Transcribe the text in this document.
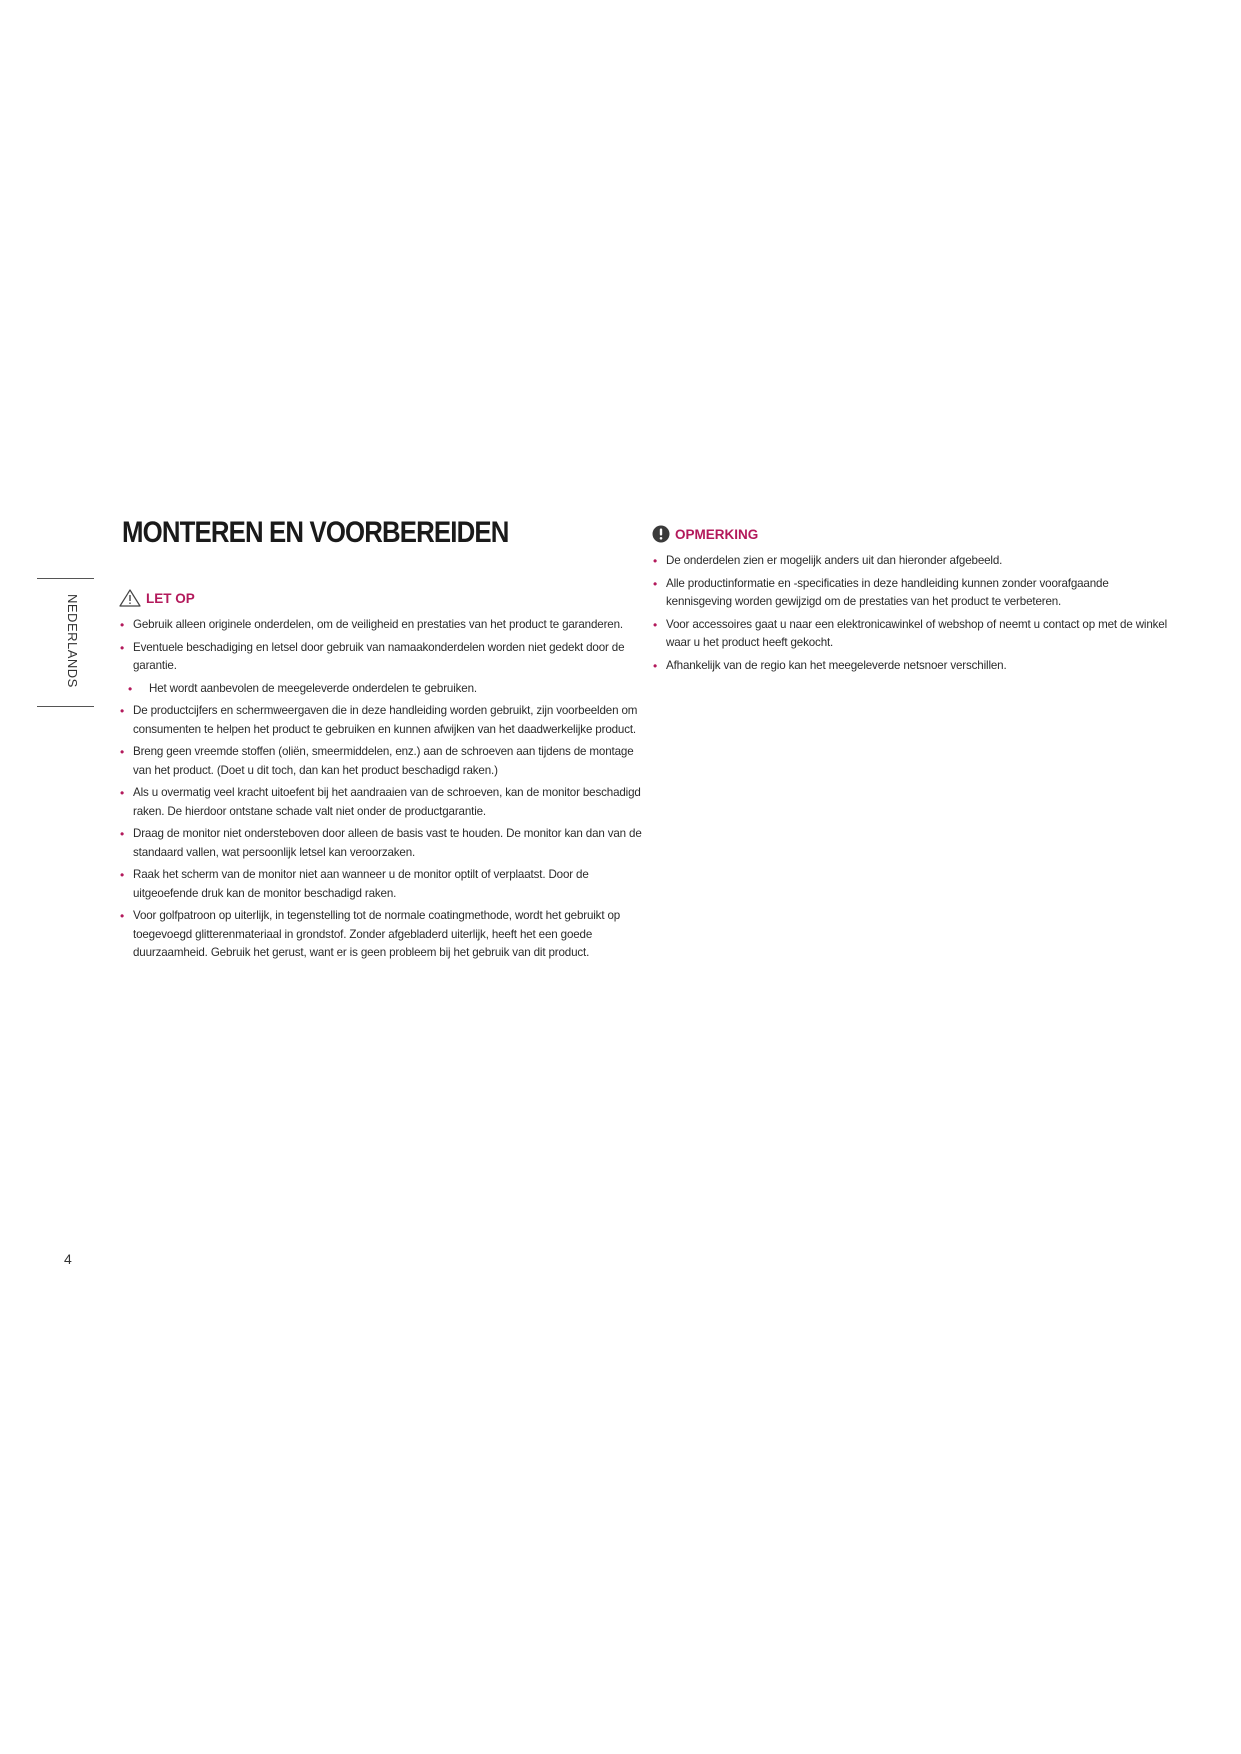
NEDERLANDS
MONTEREN EN VOORBEREIDEN
LET OP
• Gebruik alleen originele onderdelen, om de veiligheid en prestaties van het product te garanderen.
• Eventuele beschadiging en letsel door gebruik van namaakonderdelen worden niet gedekt door de garantie.
• Het wordt aanbevolen de meegeleverde onderdelen te gebruiken.
• De productcijfers en schermweergaven die in deze handleiding worden gebruikt, zijn voorbeelden om consumenten te helpen het product te gebruiken en kunnen afwijken van het daadwerkelijke product.
• Breng geen vreemde stoffen (oliën, smeermiddelen, enz.) aan de schroeven aan tijdens de montage van het product. (Doet u dit toch, dan kan het product beschadigd raken.)
• Als u overmatig veel kracht uitoefent bij het aandraaien van de schroeven, kan de monitor beschadigd raken. De hierdoor ontstane schade valt niet onder de productgarantie.
• Draag de monitor niet ondersteboven door alleen de basis vast te houden. De monitor kan dan van de standaard vallen, wat persoonlijk letsel kan veroorzaken.
• Raak het scherm van de monitor niet aan wanneer u de monitor optilt of verplaatst. Door de uitgeoefende druk kan de monitor beschadigd raken.
• Voor golfpatroon op uiterlijk, in tegenstelling tot de normale coatingmethode, wordt het gebruikt op toegevoegd glitterenmateriaal in grondstof. Zonder afgebladerd uiterlijk, heeft het een goede duurzaamheid. Gebruik het gerust, want er is geen probleem bij het gebruik van dit product.
OPMERKING
• De onderdelen zien er mogelijk anders uit dan hieronder afgebeeld.
• Alle productinformatie en -specificaties in deze handleiding kunnen zonder voorafgaande kennisgeving worden gewijzigd om de prestaties van het product te verbeteren.
• Voor accessoires gaat u naar een elektronicawinkel of webshop of neemt u contact op met de winkel waar u het product heeft gekocht.
• Afhankelijk van de regio kan het meegeleverde netsnoer verschillen.
4
